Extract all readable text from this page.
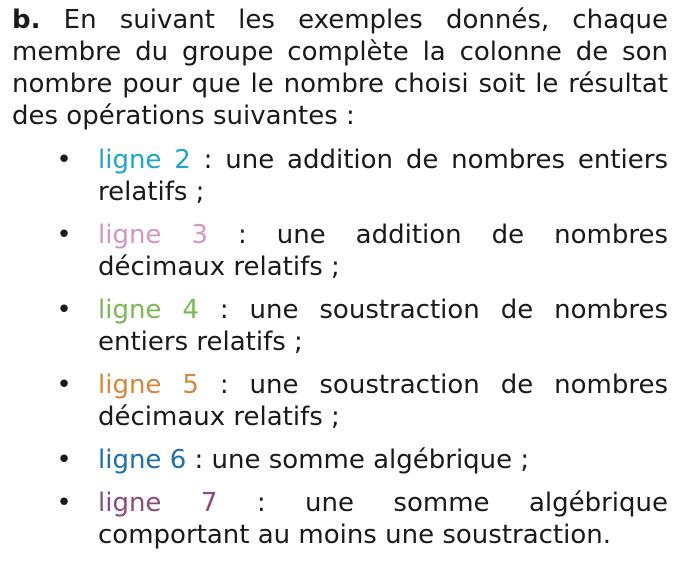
b. En suivant les exemples donnés, chaque membre du groupe complète la colonne de son nombre pour que le nombre choisi soit le résultat des opérations suivantes :

• ligne 2 : une addition de nombres entiers relatifs ;
• ligne 3 : une addition de nombres décimaux relatifs ;
• ligne 4 : une soustraction de nombres entiers relatifs ;
• ligne 5 : une soustraction de nombres décimaux relatifs ;
• ligne 6 : une somme algébrique ;
• ligne 7 : une somme algébrique comportant au moins une soustraction.
